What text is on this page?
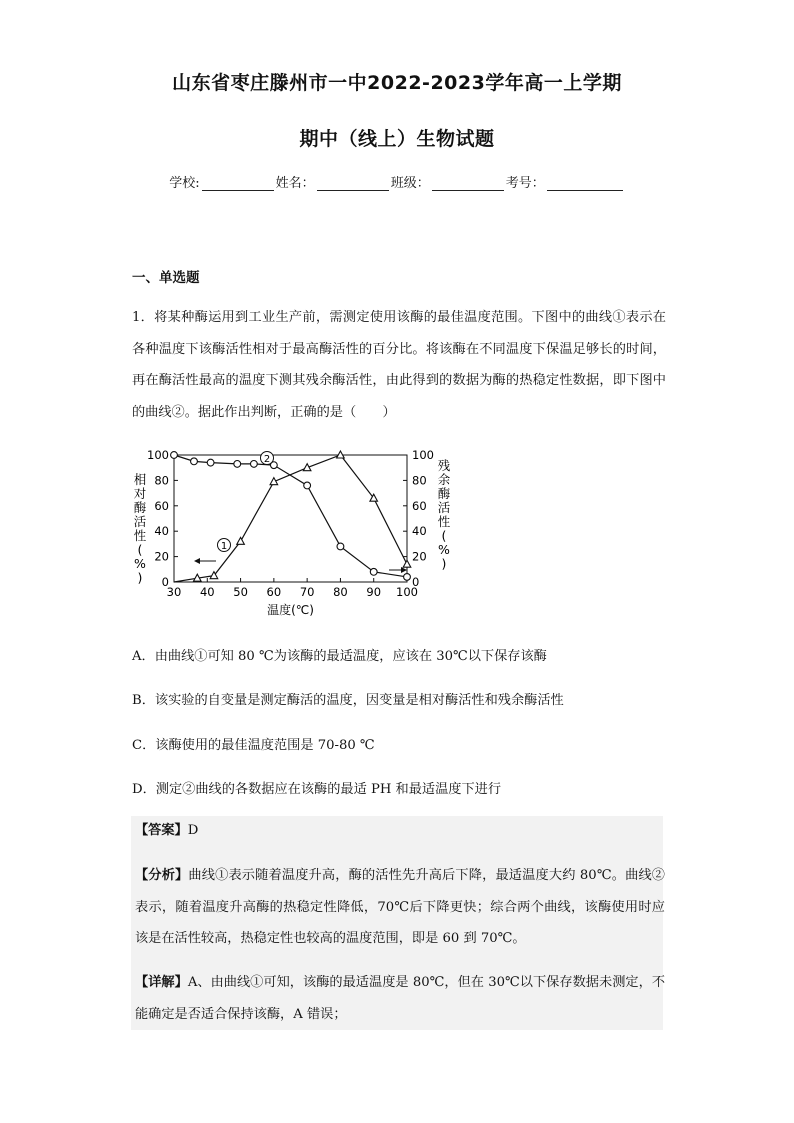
山东省枣庄滕州市一中2022-2023学年高一上学期
期中（线上）生物试题
学校:	姓名：	班级：	考号：
一、单选题

1．将某种酶运用到工业生产前，需测定使用该酶的最佳温度范围。下图中的曲线①表示在各种温度下该酶活性相对于最高酶活性的百分比。将该酶在不同温度下保温足够长的时间，再在酶活性最高的温度下测其残余酶活性，由此得到的数据为酶的热稳定性数据，即下图中的曲线②。据此作出判断，正确的是（　　）

30 40 50 60 70 80 90 100
0	0
20	20
40	40
60	60
80	80
100	100
1
2
温度(℃)
相对酶活性( % )
残余酶活性( % )
A．由曲线①可知 80 ℃为该酶的最适温度，应该在 30℃以下保存该酶
B．该实验的自变量是测定酶活的温度，因变量是相对酶活性和残余酶活性
C．该酶使用的最佳温度范围是 70-80 ℃
D．测定②曲线的各数据应在该酶的最适 PH 和最适温度下进行

【答案】D

【分析】曲线①表示随着温度升高，酶的活性先升高后下降，最适温度大约 80℃。曲线②表示，随着温度升高酶的热稳定性降低，70℃后下降更快；综合两个曲线，该酶使用时应该是在活性较高，热稳定性也较高的温度范围，即是 60 到 70℃。

【详解】A、由曲线①可知，该酶的最适温度是 80℃，但在 30℃以下保存数据未测定，不能确定是否适合保持该酶，A 错误；
